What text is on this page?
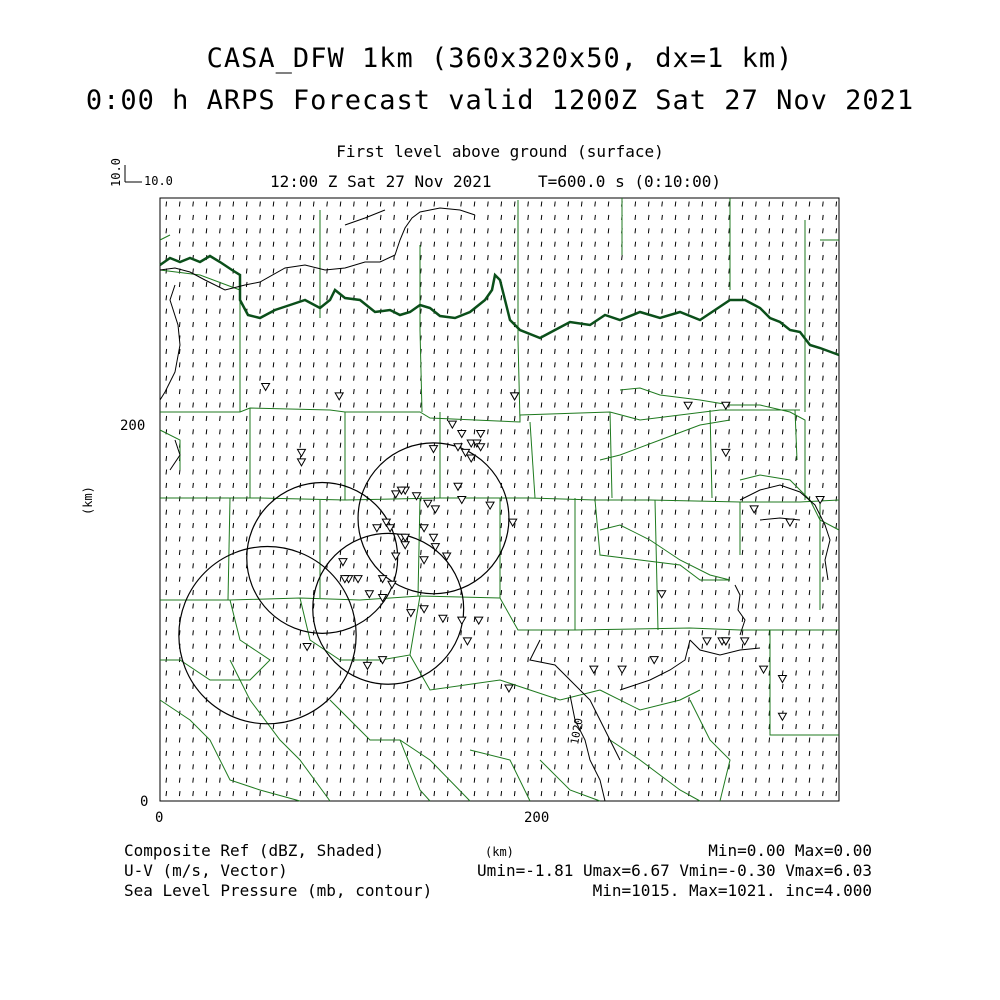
CASA_DFW 1km (360x320x50, dx=1 km)
0:00 h ARPS Forecast valid 1200Z Sat 27 Nov 2021
First level above ground (surface)
12:00 Z Sat 27 Nov 2021	T=600.0 s (0:10:00)
10.0
10.0
1020
0
200
0	200
(km)
(km)
Composite Ref (dBZ, Shaded)	Min=0.00 Max=0.00
U-V (m/s, Vector)	Umin=-1.81 Umax=6.67 Vmin=-0.30 Vmax=6.03
Sea Level Pressure (mb, contour)	Min=1015. Max=1021. inc=4.000
